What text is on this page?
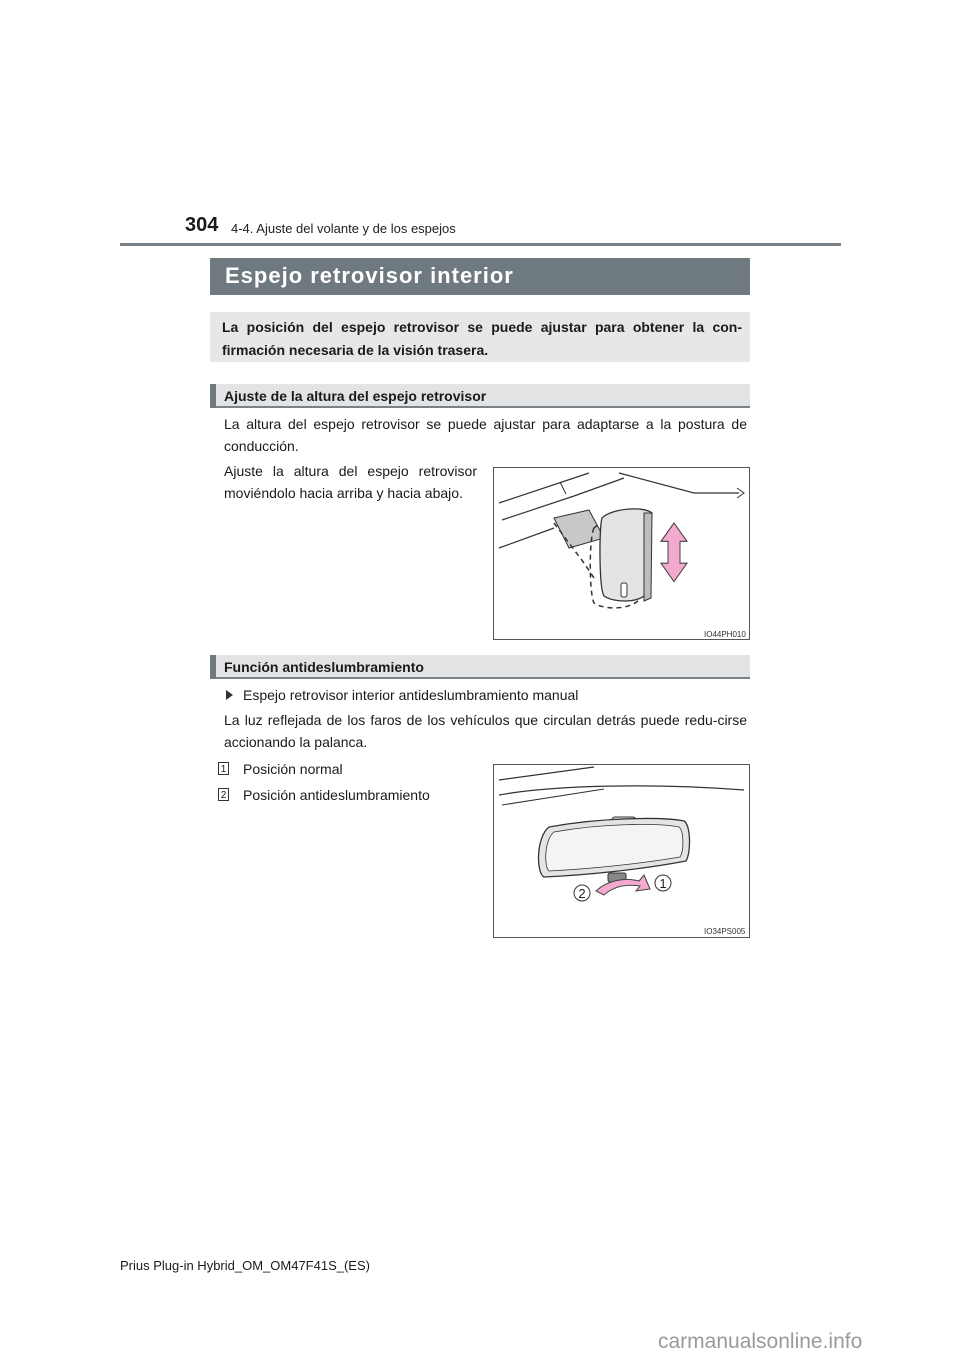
304 4-4. Ajuste del volante y de los espejos
Espejo retrovisor interior
La posición del espejo retrovisor se puede ajustar para obtener la con-firmación necesaria de la visión trasera.
Ajuste de la altura del espejo retrovisor
La altura del espejo retrovisor se puede ajustar para adaptarse a la postura de conducción.
Ajuste la altura del espejo retrovisor moviéndolo hacia arriba y hacia abajo.
IO44PH010
Función antideslumbramiento
Espejo retrovisor interior antideslumbramiento manual
La luz reflejada de los faros de los vehículos que circulan detrás puede redu-cirse accionando la palanca.
1 Posición normal
2 Posición antideslumbramiento
1
2
IO34PS005
Prius Plug-in Hybrid_OM_OM47F41S_(ES)
carmanualsonline.info
